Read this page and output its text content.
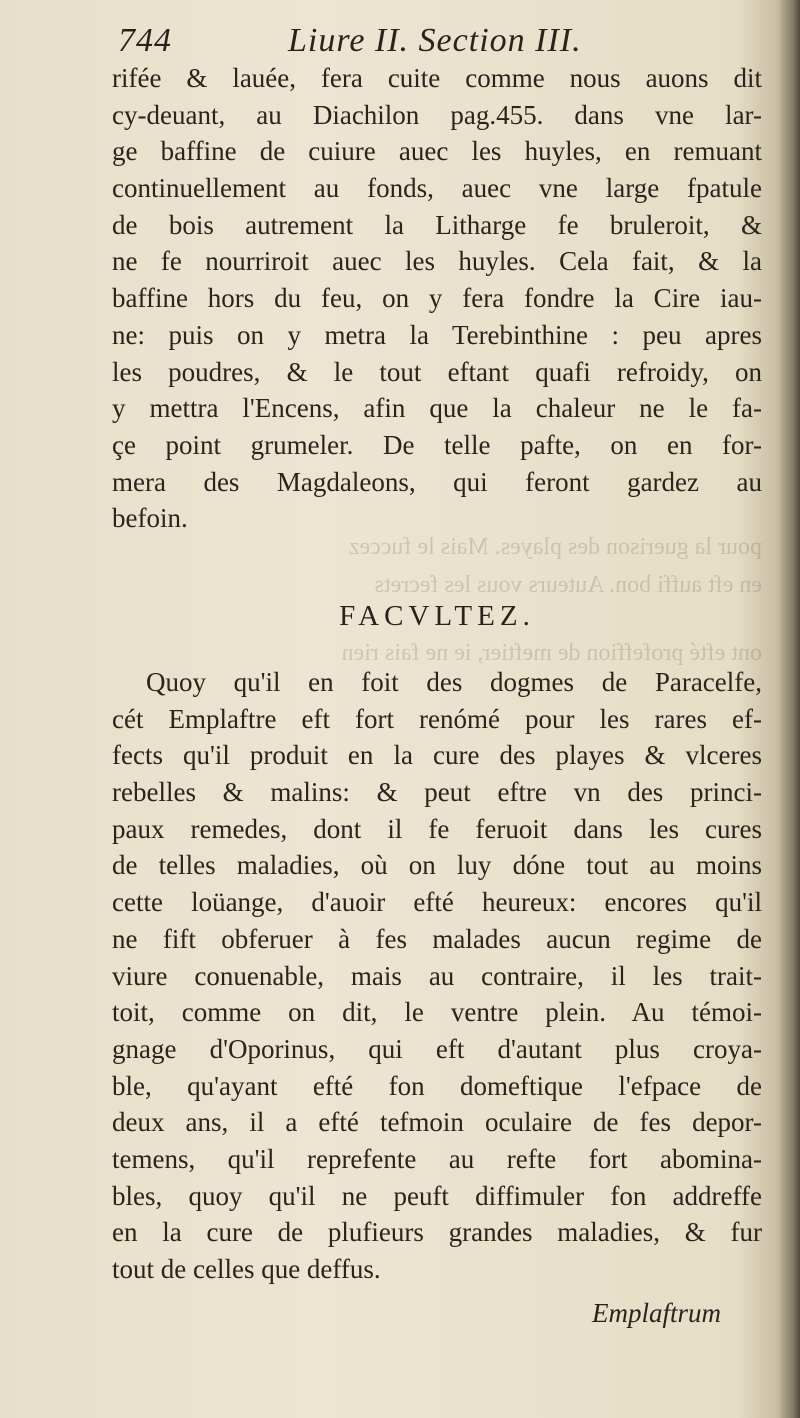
pour la guerison des playes. Mais le fuccez
en eft auffi bon. Auteurs vous les fecrets
ont efté profeffion de meftier, ie ne fais rien
744	Liure II. Section III.
rifée & lauée, fera cuite comme nous auons dit
cy-deuant, au Diachilon pag.455. dans vne lar-
ge baffine de cuiure auec les huyles, en remuant
continuellement au fonds, auec vne large fpatule
de bois autrement la Litharge fe bruleroit, &
ne fe nourriroit auec les huyles. Cela fait, & la
baffine hors du feu, on y fera fondre la Cire iau-
ne: puis on y metra la Terebinthine : peu apres
les poudres, & le tout eftant quafi refroidy, on
y mettra l'Encens, afin que la chaleur ne le fa-
çe point grumeler. De telle pafte, on en for-
mera des Magdaleons, qui feront gardez au
befoin.
FACVLTEZ.
Quoy qu'il en foit des dogmes de Paracelfe,
cét Emplaftre eft fort renómé pour les rares ef-
fects qu'il produit en la cure des playes & vlceres
rebelles & malins: & peut eftre vn des princi-
paux remedes, dont il fe feruoit dans les cures
de telles maladies, où on luy dóne tout au moins
cette loüange, d'auoir efté heureux: encores qu'il
ne fift obferuer à fes malades aucun regime de
viure conuenable, mais au contraire, il les trait-
toit, comme on dit, le ventre plein. Au témoi-
gnage d'Oporinus, qui eft d'autant plus croya-
ble, qu'ayant efté fon domeftique l'efpace de
deux ans, il a efté tefmoin oculaire de fes depor-
temens, qu'il reprefente au refte fort abomina-
bles, quoy qu'il ne peuft diffimuler fon addreffe
en la cure de plufieurs grandes maladies, & fur
tout de celles que deffus.
Emplaftrum
